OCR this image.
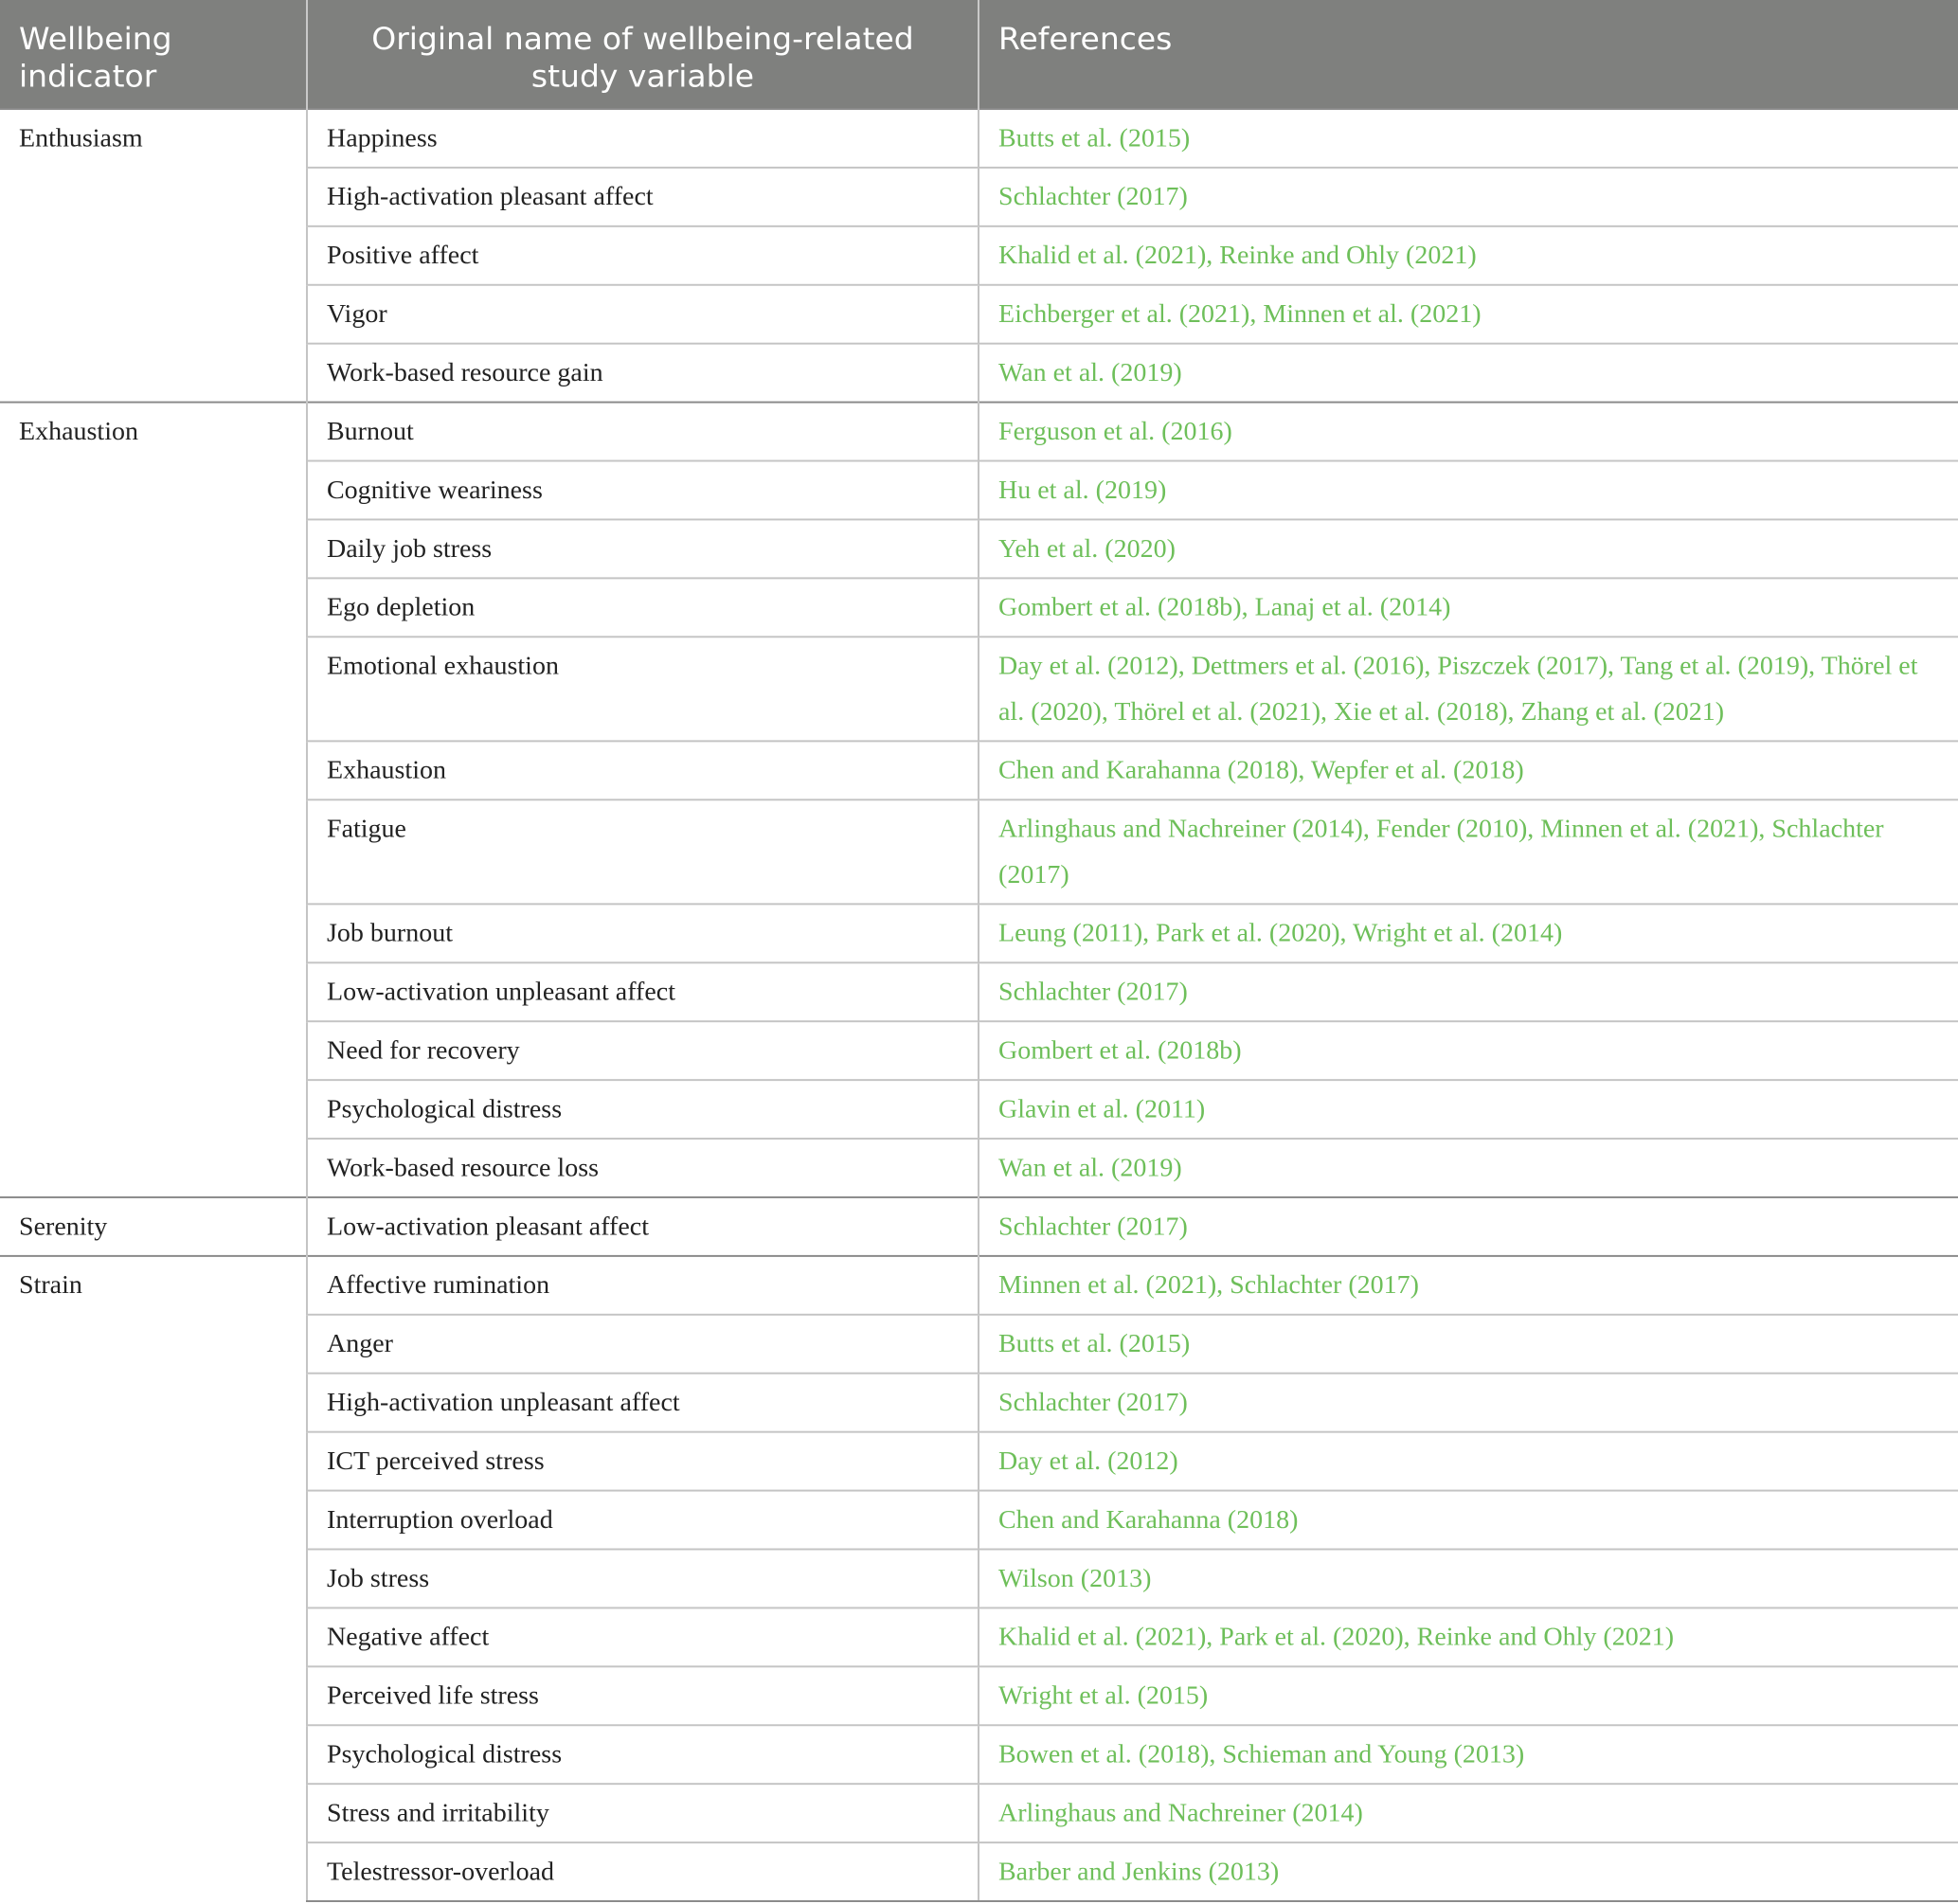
Wellbeing indicator	Original name of wellbeing-related study variable	References
Enthusiasm	Happiness	Butts et al. (2015)
	High-activation pleasant affect	Schlachter (2017)
	Positive affect	Khalid et al. (2021), Reinke and Ohly (2021)
	Vigor	Eichberger et al. (2021), Minnen et al. (2021)
	Work-based resource gain	Wan et al. (2019)
Exhaustion	Burnout	Ferguson et al. (2016)
	Cognitive weariness	Hu et al. (2019)
	Daily job stress	Yeh et al. (2020)
	Ego depletion	Gombert et al. (2018b), Lanaj et al. (2014)
	Emotional exhaustion	Day et al. (2012), Dettmers et al. (2016), Piszczek (2017), Tang et al. (2019), Thörel et al. (2020), Thörel et al. (2021), Xie et al. (2018), Zhang et al. (2021)
	Exhaustion	Chen and Karahanna (2018), Wepfer et al. (2018)
	Fatigue	Arlinghaus and Nachreiner (2014), Fender (2010), Minnen et al. (2021), Schlachter (2017)
	Job burnout	Leung (2011), Park et al. (2020), Wright et al. (2014)
	Low-activation unpleasant affect	Schlachter (2017)
	Need for recovery	Gombert et al. (2018b)
	Psychological distress	Glavin et al. (2011)
	Work-based resource loss	Wan et al. (2019)
Serenity	Low-activation pleasant affect	Schlachter (2017)
Strain	Affective rumination	Minnen et al. (2021), Schlachter (2017)
	Anger	Butts et al. (2015)
	High-activation unpleasant affect	Schlachter (2017)
	ICT perceived stress	Day et al. (2012)
	Interruption overload	Chen and Karahanna (2018)
	Job stress	Wilson (2013)
	Negative affect	Khalid et al. (2021), Park et al. (2020), Reinke and Ohly (2021)
	Perceived life stress	Wright et al. (2015)
	Psychological distress	Bowen et al. (2018), Schieman and Young (2013)
	Stress and irritability	Arlinghaus and Nachreiner (2014)
	Telestressor-overload	Barber and Jenkins (2013)
